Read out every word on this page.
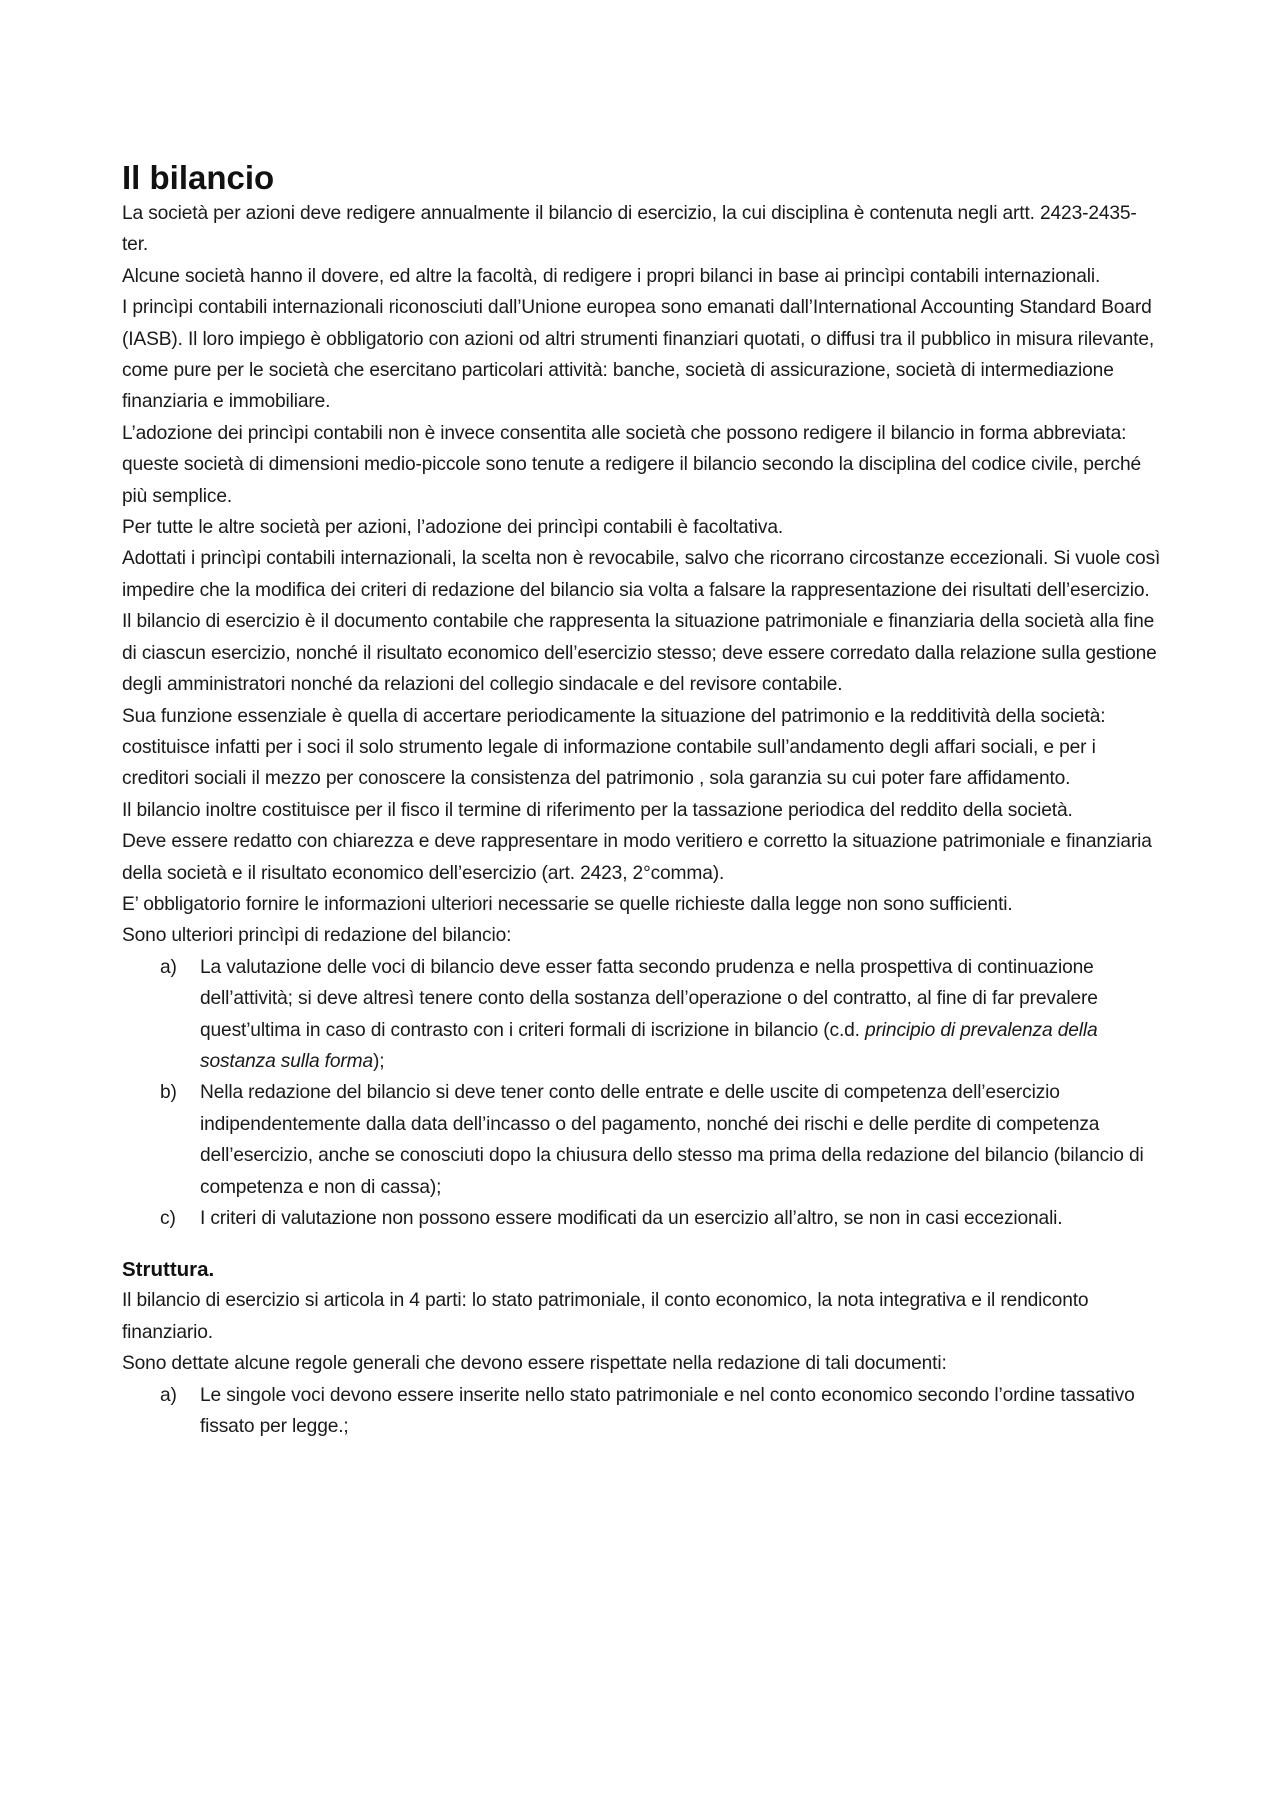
Il bilancio

La società per azioni deve redigere annualmente il bilancio di esercizio, la cui disciplina è contenuta negli artt. 2423-2435-ter.

Alcune società hanno il dovere, ed altre la facoltà, di redigere i propri bilanci in base ai princìpi contabili internazionali.

I princìpi contabili internazionali riconosciuti dall’Unione europea sono emanati dall’International Accounting Standard Board (IASB). Il loro impiego è obbligatorio con azioni od altri strumenti finanziari quotati, o diffusi tra il pubblico in misura rilevante, come pure per le società che esercitano particolari attività: banche, società di assicurazione, società di intermediazione finanziaria e immobiliare.

L’adozione dei princìpi contabili non è invece consentita alle società che possono redigere il bilancio in forma abbreviata: queste società di dimensioni medio-piccole sono tenute a redigere il bilancio secondo la disciplina del codice civile, perché più semplice.

Per tutte le altre società per azioni, l’adozione dei princìpi contabili è facoltativa.

Adottati i princìpi contabili internazionali, la scelta non è revocabile, salvo che ricorrano circostanze eccezionali. Si vuole così impedire che la modifica dei criteri di redazione del bilancio sia volta a falsare la rappresentazione dei risultati dell’esercizio.

Il bilancio di esercizio è il documento contabile che rappresenta la situazione patrimoniale e finanziaria della società alla fine di ciascun esercizio, nonché il risultato economico dell’esercizio stesso; deve essere corredato dalla relazione sulla gestione degli amministratori nonché da relazioni del collegio sindacale e del revisore contabile.

Sua funzione essenziale è quella di accertare periodicamente la situazione del patrimonio e la redditività della società: costituisce infatti per i soci il solo strumento legale di informazione contabile sull’andamento degli affari sociali, e per i creditori sociali il mezzo per conoscere la consistenza del patrimonio , sola garanzia su cui poter fare affidamento.

Il bilancio inoltre costituisce per il fisco il termine di riferimento per la tassazione periodica del reddito della società.

Deve essere redatto con chiarezza e deve rappresentare in modo veritiero e corretto la situazione patrimoniale e finanziaria della società e il risultato economico dell’esercizio (art. 2423, 2°comma).

E’ obbligatorio fornire le informazioni ulteriori necessarie se quelle richieste dalla legge non sono sufficienti.

Sono ulteriori princìpi di redazione del bilancio:

a) La valutazione delle voci di bilancio deve esser fatta secondo prudenza e nella prospettiva di continuazione dell’attività; si deve altresì tenere conto della sostanza dell’operazione o del contratto, al fine di far prevalere quest’ultima in caso di contrasto con i criteri formali di iscrizione in bilancio (c.d. principio di prevalenza della sostanza sulla forma);
b) Nella redazione del bilancio si deve tener conto delle entrate e delle uscite di competenza dell’esercizio indipendentemente dalla data dell’incasso o del pagamento, nonché dei rischi e delle perdite di competenza dell’esercizio, anche se conosciuti dopo la chiusura dello stesso ma prima della redazione del bilancio (bilancio di competenza e non di cassa);
c) I criteri di valutazione non possono essere modificati da un esercizio all’altro, se non in casi eccezionali.
Struttura.

Il bilancio di esercizio si articola in 4 parti: lo stato patrimoniale, il conto economico, la nota integrativa e il rendiconto finanziario.

Sono dettate alcune regole generali che devono essere rispettate nella redazione di tali documenti:

a) Le singole voci devono essere inserite nello stato patrimoniale e nel conto economico secondo l’ordine tassativo fissato per legge.;
